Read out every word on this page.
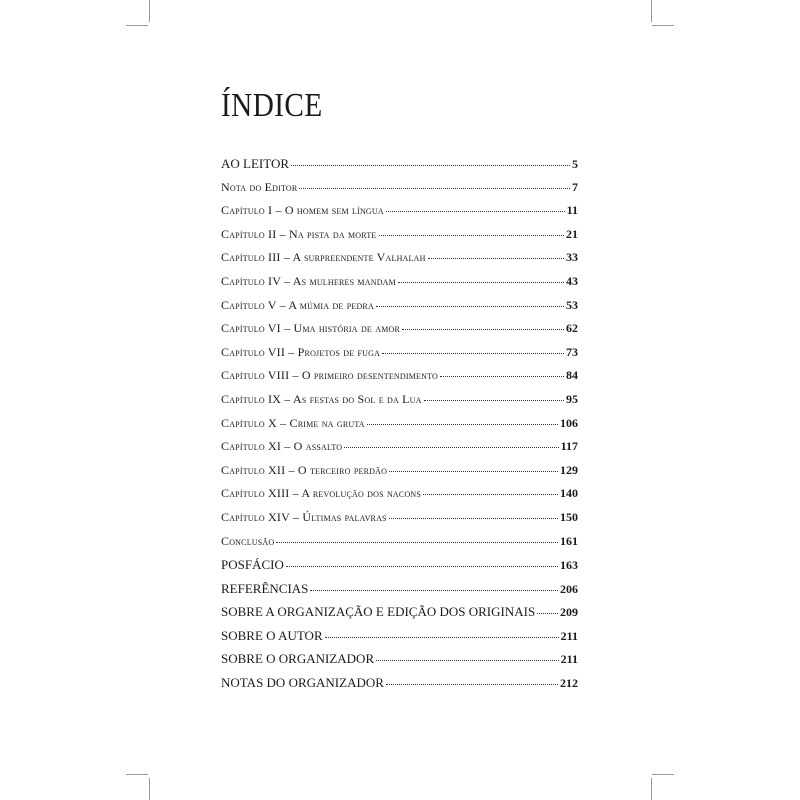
ÍNDICE
AO LEITOR	5
Nota do Editor	7
Capítulo I – O homem sem língua	11
Capítulo II – Na pista da morte	21
Capítulo III – A surpreendente Valhalah	33
Capítulo IV – As mulheres mandam	43
Capítulo V – A múmia de pedra	53
Capítulo VI – Uma história de amor	62
Capítulo VII – Projetos de fuga	73
Capítulo VIII – O primeiro desentendimento	84
Capítulo IX – As festas do Sol e da Lua	95
Capítulo X – Crime na gruta	106
Capítulo XI – O assalto	117
Capítulo XII – O terceiro perdão	129
Capítulo XIII – A revolução dos nacons	140
Capítulo XIV – Últimas palavras	150
Conclusão	161
POSFÁCIO	163
REFERÊNCIAS	206
SOBRE A ORGANIZAÇÃO E EDIÇÃO DOS ORIGINAIS 209
SOBRE O AUTOR	211
SOBRE O ORGANIZADOR	211
NOTAS DO ORGANIZADOR	212
